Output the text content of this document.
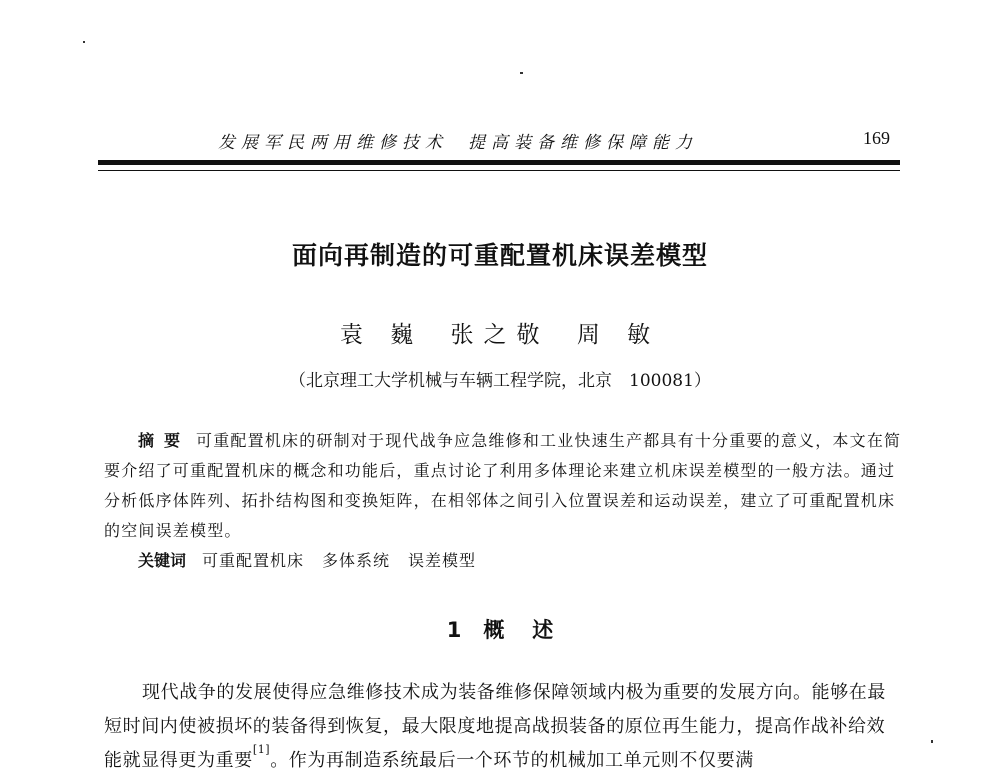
发展军民两用维修技术 提高装备维修保障能力	169
面向再制造的可重配置机床误差模型
袁 巍 张之敬 周 敏
（北京理工大学机械与车辆工程学院，北京　100081）
摘要 可重配置机床的研制对于现代战争应急维修和工业快速生产都具有十分重要的意义，本文在简要介绍了可重配置机床的概念和功能后，重点讨论了利用多体理论来建立机床误差模型的一般方法。通过分析低序体阵列、拓扑结构图和变换矩阵，在相邻体之间引入位置误差和运动误差，建立了可重配置机床的空间误差模型。
关键词 可重配置机床 多体系统 误差模型
1 概述
现代战争的发展使得应急维修技术成为装备维修保障领域内极为重要的发展方向。能够在最短时间内使被损坏的装备得到恢复，最大限度地提高战损装备的原位再生能力，提高作战补给效能就显得更为重要[1]。作为再制造系统最后一个环节的机械加工单元则不仅要满
